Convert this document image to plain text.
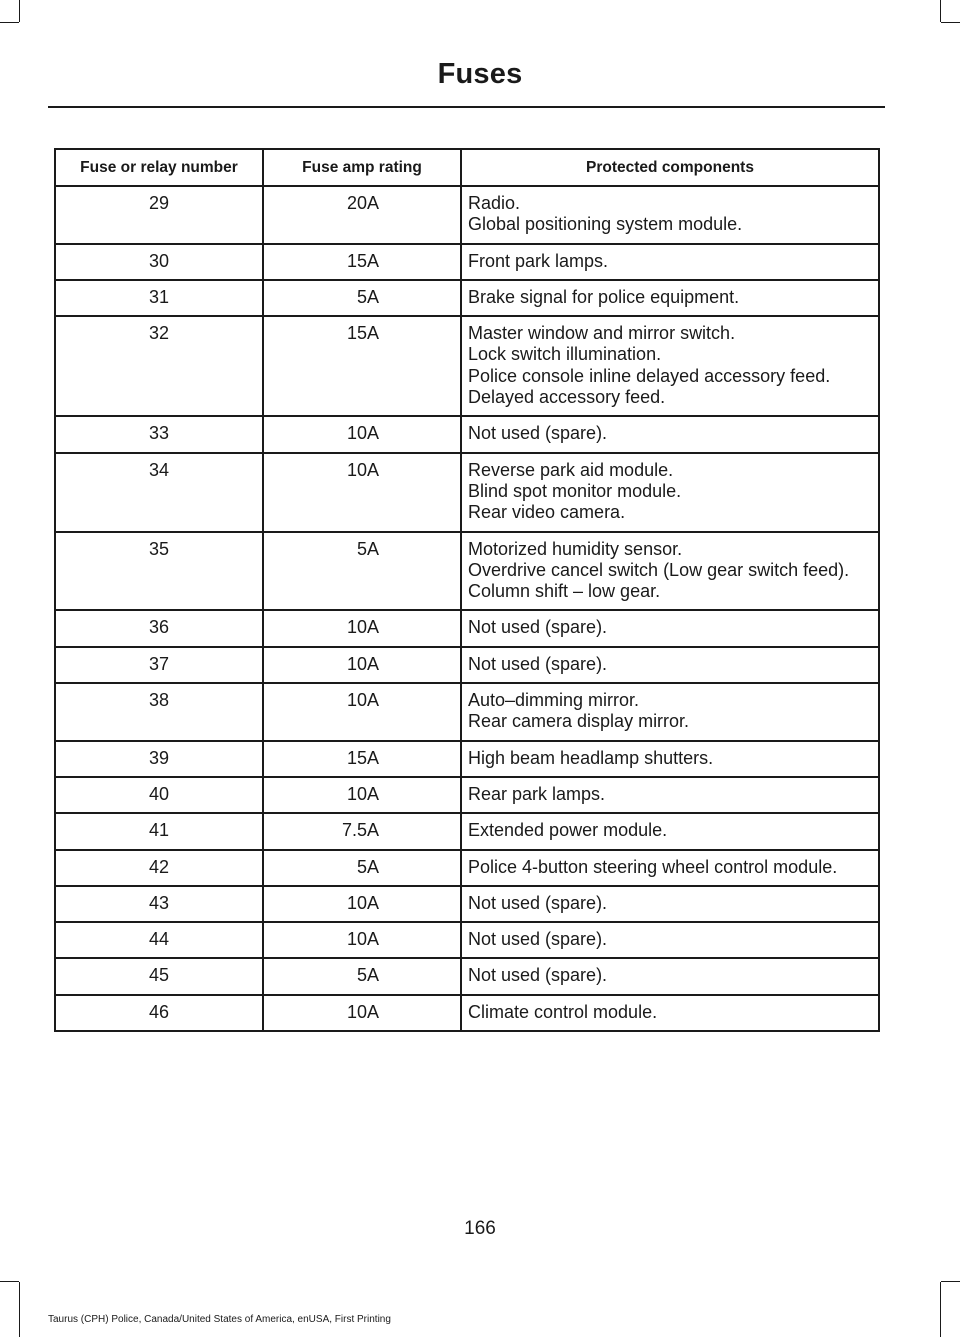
Fuses
Fuse or relay number	Fuse amp rating	Protected components
29	20A	Radio.
Global positioning system module.

30	15A	Front park lamps.

31	5A	Brake signal for police equipment.

32	15A	Master window and mirror switch.
Lock switch illumination.
Police console inline delayed accessory feed.
Delayed accessory feed.

33	10A	Not used (spare).

34	10A	Reverse park aid module.
Blind spot monitor module.
Rear video camera.

35	5A	Motorized humidity sensor.
Overdrive cancel switch (Low gear switch feed).
Column shift – low gear.

36	10A	Not used (spare).

37	10A	Not used (spare).

38	10A	Auto–dimming mirror.
Rear camera display mirror.

39	15A	High beam headlamp shutters.

40	10A	Rear park lamps.

41	7.5A	Extended power module.

42	5A	Police 4-button steering wheel control module.

43	10A	Not used (spare).

44	10A	Not used (spare).

45	5A	Not used (spare).

46	10A	Climate control module.
166
Taurus (CPH) Police, Canada/United States of America, enUSA, First Printing
